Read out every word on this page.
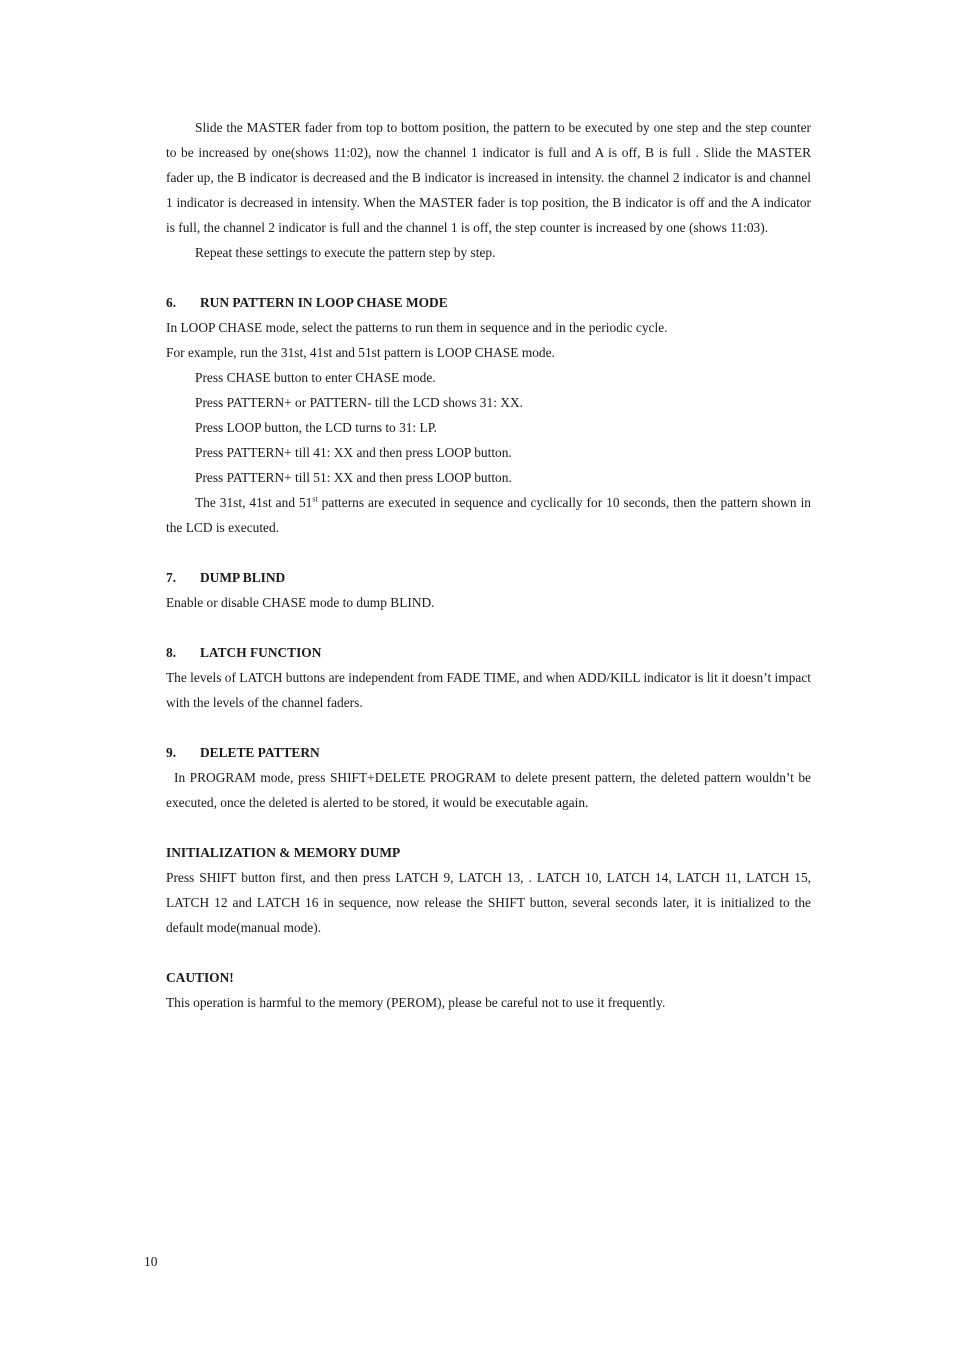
Slide the MASTER fader from top to bottom position, the pattern to be executed by one step and the step counter to be increased by one(shows 11:02), now the channel 1 indicator is full and A is off, B is full . Slide the MASTER fader up, the B indicator is decreased and the B indicator is increased in intensity. the channel 2 indicator is and channel 1 indicator is decreased in intensity. When the MASTER fader is top position, the B indicator is off and the A indicator is full, the channel 2 indicator is full and the channel 1 is off, the step counter is increased by one (shows 11:03).

Repeat these settings to execute the pattern step by step.

6. RUN PATTERN IN LOOP CHASE MODE

In LOOP CHASE mode, select the patterns to run them in sequence and in the periodic cycle.

For example, run the 31st, 41st and 51st pattern is LOOP CHASE mode.

Press CHASE button to enter CHASE mode.

Press PATTERN+ or PATTERN- till the LCD shows 31: XX.

Press LOOP button, the LCD turns to 31: LP.

Press PATTERN+ till 41: XX and then press LOOP button.

Press PATTERN+ till 51: XX and then press LOOP button.

The 31st, 41st and 51st patterns are executed in sequence and cyclically for 10 seconds, then the pattern shown in the LCD is executed.

7. DUMP BLIND

Enable or disable CHASE mode to dump BLIND.

8. LATCH FUNCTION

The levels of LATCH buttons are independent from FADE TIME, and when ADD/KILL indicator is lit it doesn’t impact with the levels of the channel faders.

9. DELETE PATTERN

In PROGRAM mode, press SHIFT+DELETE PROGRAM to delete present pattern, the deleted pattern wouldn’t be executed, once the deleted is alerted to be stored, it would be executable again.

INITIALIZATION & MEMORY DUMP

Press SHIFT button first, and then press LATCH 9, LATCH 13, . LATCH 10, LATCH 14, LATCH 11, LATCH 15, LATCH 12 and LATCH 16 in sequence, now release the SHIFT button, several seconds later, it is initialized to the default mode(manual mode).

CAUTION!

This operation is harmful to the memory (PEROM), please be careful not to use it frequently.

10
